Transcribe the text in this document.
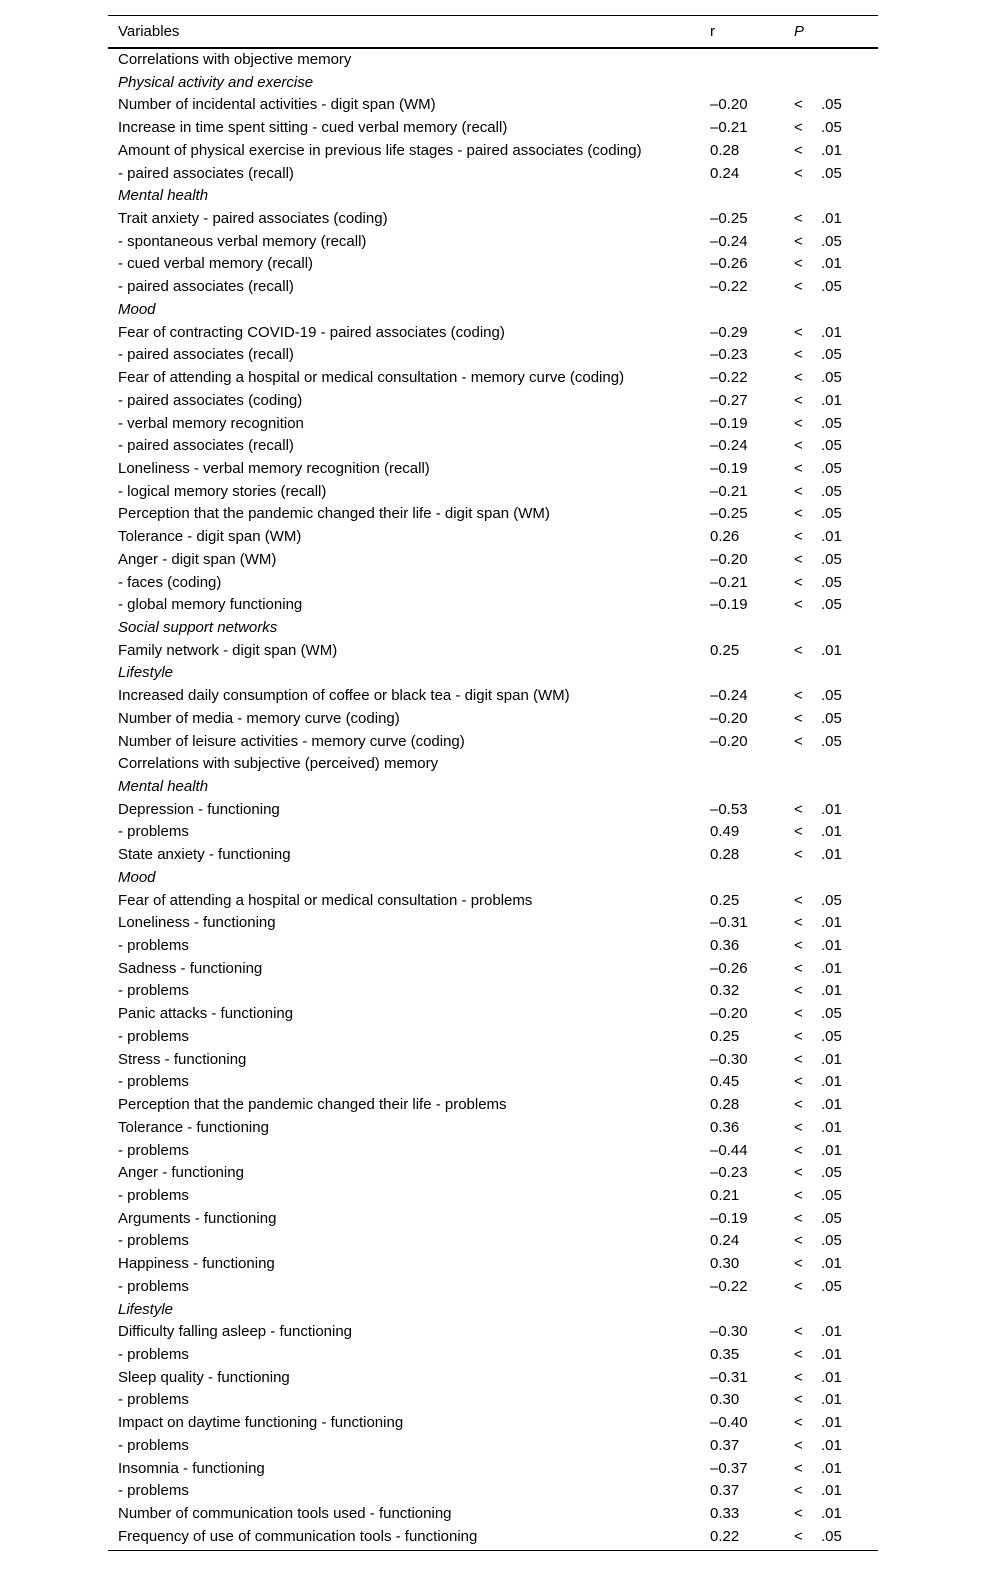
Variables	r	P
Correlations with objective memory
Physical activity and exercise
Number of incidental activities - digit span (WM)	–0.20	< .05
Increase in time spent sitting - cued verbal memory (recall)	–0.21	< .05
Amount of physical exercise in previous life stages - paired associates (coding)	0.28	< .01
- paired associates (recall)	0.24	< .05
Mental health
Trait anxiety - paired associates (coding)	–0.25	< .01
- spontaneous verbal memory (recall)	–0.24	< .05
- cued verbal memory (recall)	–0.26	< .01
- paired associates (recall)	–0.22	< .05
Mood
Fear of contracting COVID-19 - paired associates (coding)	–0.29	< .01
- paired associates (recall)	–0.23	< .05
Fear of attending a hospital or medical consultation - memory curve (coding)	–0.22	< .05
- paired associates (coding)	–0.27	< .01
- verbal memory recognition	–0.19	< .05
- paired associates (recall)	–0.24	< .05
Loneliness - verbal memory recognition (recall)	–0.19	< .05
- logical memory stories (recall)	–0.21	< .05
Perception that the pandemic changed their life - digit span (WM)	–0.25	< .05
Tolerance - digit span (WM)	0.26	< .01
Anger - digit span (WM)	–0.20	< .05
- faces (coding)	–0.21	< .05
- global memory functioning	–0.19	< .05
Social support networks
Family network - digit span (WM)	0.25	< .01
Lifestyle
Increased daily consumption of coffee or black tea - digit span (WM)	–0.24	< .05
Number of media - memory curve (coding)	–0.20	< .05
Number of leisure activities - memory curve (coding)	–0.20	< .05
Correlations with subjective (perceived) memory
Mental health
Depression - functioning	–0.53	< .01
- problems	0.49	< .01
State anxiety - functioning	0.28	< .01
Mood
Fear of attending a hospital or medical consultation - problems	0.25	< .05
Loneliness - functioning	–0.31	< .01
- problems	0.36	< .01
Sadness - functioning	–0.26	< .01
- problems	0.32	< .01
Panic attacks - functioning	–0.20	< .05
- problems	0.25	< .05
Stress - functioning	–0.30	< .01
- problems	0.45	< .01
Perception that the pandemic changed their life - problems	0.28	< .01
Tolerance - functioning	0.36	< .01
- problems	–0.44	< .01
Anger - functioning	–0.23	< .05
- problems	0.21	< .05
Arguments - functioning	–0.19	< .05
- problems	0.24	< .05
Happiness - functioning	0.30	< .01
- problems	–0.22	< .05
Lifestyle
Difficulty falling asleep - functioning	–0.30	< .01
- problems	0.35	< .01
Sleep quality - functioning	–0.31	< .01
- problems	0.30	< .01
Impact on daytime functioning - functioning	–0.40	< .01
- problems	0.37	< .01
Insomnia - functioning	–0.37	< .01
- problems	0.37	< .01
Number of communication tools used - functioning	0.33	< .01
Frequency of use of communication tools - functioning	0.22	< .05
